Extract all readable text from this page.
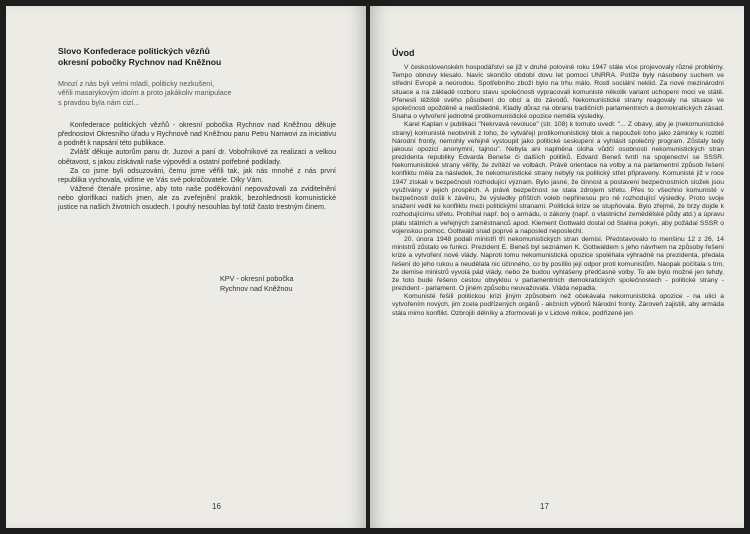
Slovo Konfederace politických vězňů
okresní pobočky Rychnov nad Kněžnou
Mnozí z nás byli velmi mladí, politicky nezkušení,
věřili masarykovým idoím a proto jakákoliv manipulace
s pravdou byla nám cizí...

Konfederace politických vězňů - okresní pobočka Rychnov nad Kněžnou děkuje přednostovi Okresního úřadu v Rychnově nad Kněžnou panu Petru Nanwovi za iniciativu a podnět k napsání této publikace.

Zvlášť děkuje autorům panu dr. Juzovi a paní dr. Vobořníkové za realizaci a velkou obětavost, s jakou získávali naše výpovědi a ostatní potřebné podklady.

Za co jsme byli odsuzováni, čemu jsme věřili tak, jak nás mnohé z nás první republika vychovala, vidíme ve Vás své pokračovatele. Díky Vám.

Vážené čtenáře prosíme, aby toto naše poděkování nepovažovali za zviditelnění nebo glorifikaci našich jmen, ale za zveřejnění praktik, bezohlednosti komunistické justice na našich životních osudech. I pouhý nesouhlas byl totiž často trestným činem.

KPV - okresní pobočka
Rychnov nad Kněžnou
16
Úvod

V československém hospodářství se již v druhé polovině roku 1947 stále více projevovaly různé problémy. Tempo obnovy klesalo. Navíc skončilo období dovu let pomoci UNRRA. Potíže byly násobeny suchem ve střední Evropě a neúrodou. Spotřebního zboží bylo na trhu málo. Rostl sociální neklid. Za nové mezinárodní situace a na základě rozboru stavu společnosti vypracovali komunisté několik variant uchopení moci ve státě. Přenesli těžiště svého působení do obcí a do závodů. Nekomunistické strany reagovaly na situace ve společnosti opožděně a nedůsledně. Kladly důraz na obranu tradičních parlamentních a demokratických zásad. Snaha o vytvoření jednotné protikomunistické opozice neměla výsledky.

Karel Kaplan v publikaci "Nekrvavá revoluce" (str. 108) k tomuto uvedl: "... Z obavy, aby je (nekomunistické strany) komunisté neobvinili z toho, že vytvářejí protikomunistický blok a nepouželi toho jako záminky k rozbití Národní fronty, nemohly veřejně vystoupit jako politické seskupení a vyhlásit společný program. Zůstaly tedy jakousi opozicí anonymní, tajnou". Nebyla ani naplněna úloha vůdčí osobnosti nekomunistických stran prezidenta republiky Edvarda Beneše či dalších politiků. Edvard Beneš tvrdí na spojenectví se SSSR. Nekomunistické strany věřily, že zvítězí ve volbách. Právě orientace na volby a na parlamentní způsob řešení konfliktu měla za následek, že nekomunistické strany nebyly na politický střet připraveny. Komunisté již v roce 1947 získali v bezpečnosti rozhodující význam. Bylo jasné, že činnost a postavení bezpečnostních složek jsou využívány v jejich prospěch. A právě bezpečnost se stala zdrojem střetu. Přes to všechno komunisté v bezpečnosti došli k závěru, že výsledky příštích voleb nepřinesou pro ně rozhodující výsledky. Proto svoje snažení vedli ke konfliktu mezi politickými stranami. Politická krize se stupňovala. Bylo zřejmé, že brzy dojde k rozhodujícímu střetu. Probíhal např. boj o armádu, o zákony (např. o vlastnictví zemědělské půdy atd.) a úpravu platu státních a veřejných zaměstnanců apod. Klement Gottwald dostal od Stalina pokyn, aby požádal SSSR o vojenskou pomoc. Gottwald snad poprvé a naposled neposlechl.

20. února 1948 podali ministři tří nekomunistických stran demisi. Představovalo to menšinu 12 z 26, 14 ministrů zůstalo ve funkci. Prezident E. Beneš byl seznámen K. Gottwaldem s jeho návrhem na způsoby řešení krize a vytvoření nové vlády. Naproti tomu nekomunistická opozice spoléhala výhradně na prezidenta, předala řešení do jeho rukou a neudělala nic účinného, co by posílilo její odpor proti komunistům. Naopak počítala s tím, že demise ministrů vyvolá pád vlády, nebo že budou vyhlášeny předčasné volby. To ale bylo možné jen tehdy, že toto bude řešeno cestou obvyklou v parlamentních demokratických společnostech - politické strany - prezident - parlament. O jiném způsobu neuvažovala. Vláda nepadla.

Komunisté řešili politickou krizi jiným způsobem než očekávala nekomunistická opozice - na ulici a vytvořením nových, jim zcela podřízených orgánů - akčních výborů Národní fronty. Zároveň zajistili, aby armáda stála mimo konflikt. Ozbrojili dělníky a zformovali je v Lidové milice, podřízené jen

17
